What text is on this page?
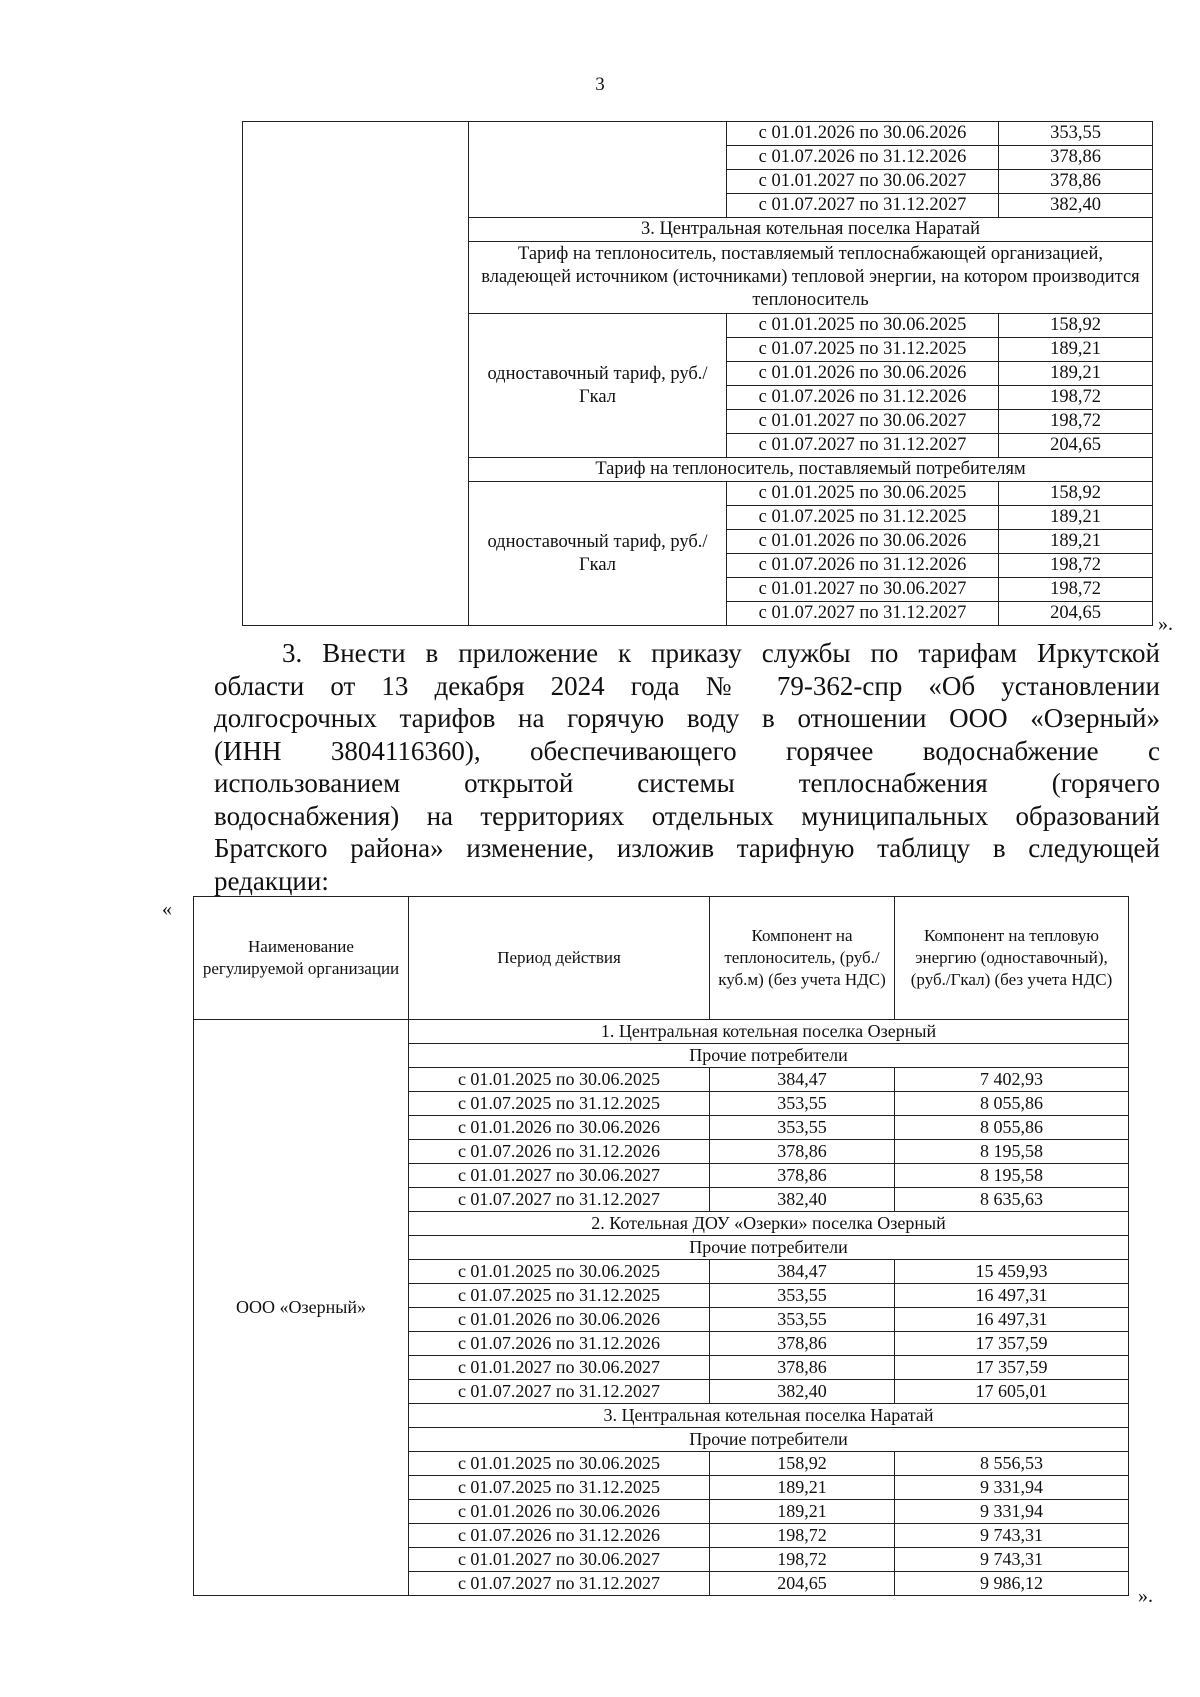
3
		с 01.01.2026 по 30.06.2026	353,55
		с 01.07.2026 по 31.12.2026	378,86
		с 01.01.2027 по 30.06.2027	378,86
		с 01.07.2027 по 31.12.2027	382,40
	3. Центральная котельная поселка Наратай		
	Тариф на теплоноситель, поставляемый теплоснабжающей организацией, владеющей источником (источниками) тепловой энергии, на котором производится теплоноситель		
	одноставочный тариф, руб./Гкал	с 01.01.2025 по 30.06.2025	158,92
		с 01.07.2025 по 31.12.2025	189,21
		с 01.01.2026 по 30.06.2026	189,21
		с 01.07.2026 по 31.12.2026	198,72
		с 01.01.2027 по 30.06.2027	198,72
		с 01.07.2027 по 31.12.2027	204,65
	Тариф на теплоноситель, поставляемый потребителям		
	одноставочный тариф, руб./Гкал	с 01.01.2025 по 30.06.2025	158,92
		с 01.07.2025 по 31.12.2025	189,21
		с 01.01.2026 по 30.06.2026	189,21
		с 01.07.2026 по 31.12.2026	198,72
		с 01.01.2027 по 30.06.2027	198,72
		с 01.07.2027 по 31.12.2027	204,65	».
3. Внести в приложение к приказу службы по тарифам Иркутской
области от 13 декабря 2024 года № 79-362-спр «Об установлении
долгосрочных тарифов на горячую воду в отношении ООО «Озерный»
(ИНН 3804116360), обеспечивающего горячее водоснабжение с
использованием открытой системы теплоснабжения (горячего
водоснабжения) на территориях отдельных муниципальных образований
Братского района» изменение, изложив тарифную таблицу в следующей
редакции:
«
Наименование регулируемой организации	Период действия	Компонент на теплоноситель, (руб./куб.м) (без учета НДС)	Компонент на тепловую энергию (одноставочный), (руб./Гкал) (без учета НДС)
ООО «Озерный»	1. Центральная котельная поселка Озерный		
	Прочие потребители		
	с 01.01.2025 по 30.06.2025	384,47	7 402,93
	с 01.07.2025 по 31.12.2025	353,55	8 055,86
	с 01.01.2026 по 30.06.2026	353,55	8 055,86
	с 01.07.2026 по 31.12.2026	378,86	8 195,58
	с 01.01.2027 по 30.06.2027	378,86	8 195,58
	с 01.07.2027 по 31.12.2027	382,40	8 635,63
	2. Котельная ДОУ «Озерки» поселка Озерный		
	Прочие потребители		
	с 01.01.2025 по 30.06.2025	384,47	15 459,93
	с 01.07.2025 по 31.12.2025	353,55	16 497,31
	с 01.01.2026 по 30.06.2026	353,55	16 497,31
	с 01.07.2026 по 31.12.2026	378,86	17 357,59
	с 01.01.2027 по 30.06.2027	378,86	17 357,59
	с 01.07.2027 по 31.12.2027	382,40	17 605,01
	3. Центральная котельная поселка Наратай		
	Прочие потребители		
	с 01.01.2025 по 30.06.2025	158,92	8 556,53
	с 01.07.2025 по 31.12.2025	189,21	9 331,94
	с 01.01.2026 по 30.06.2026	189,21	9 331,94
	с 01.07.2026 по 31.12.2026	198,72	9 743,31
	с 01.01.2027 по 30.06.2027	198,72	9 743,31
	с 01.07.2027 по 31.12.2027	204,65	9 986,12
».
